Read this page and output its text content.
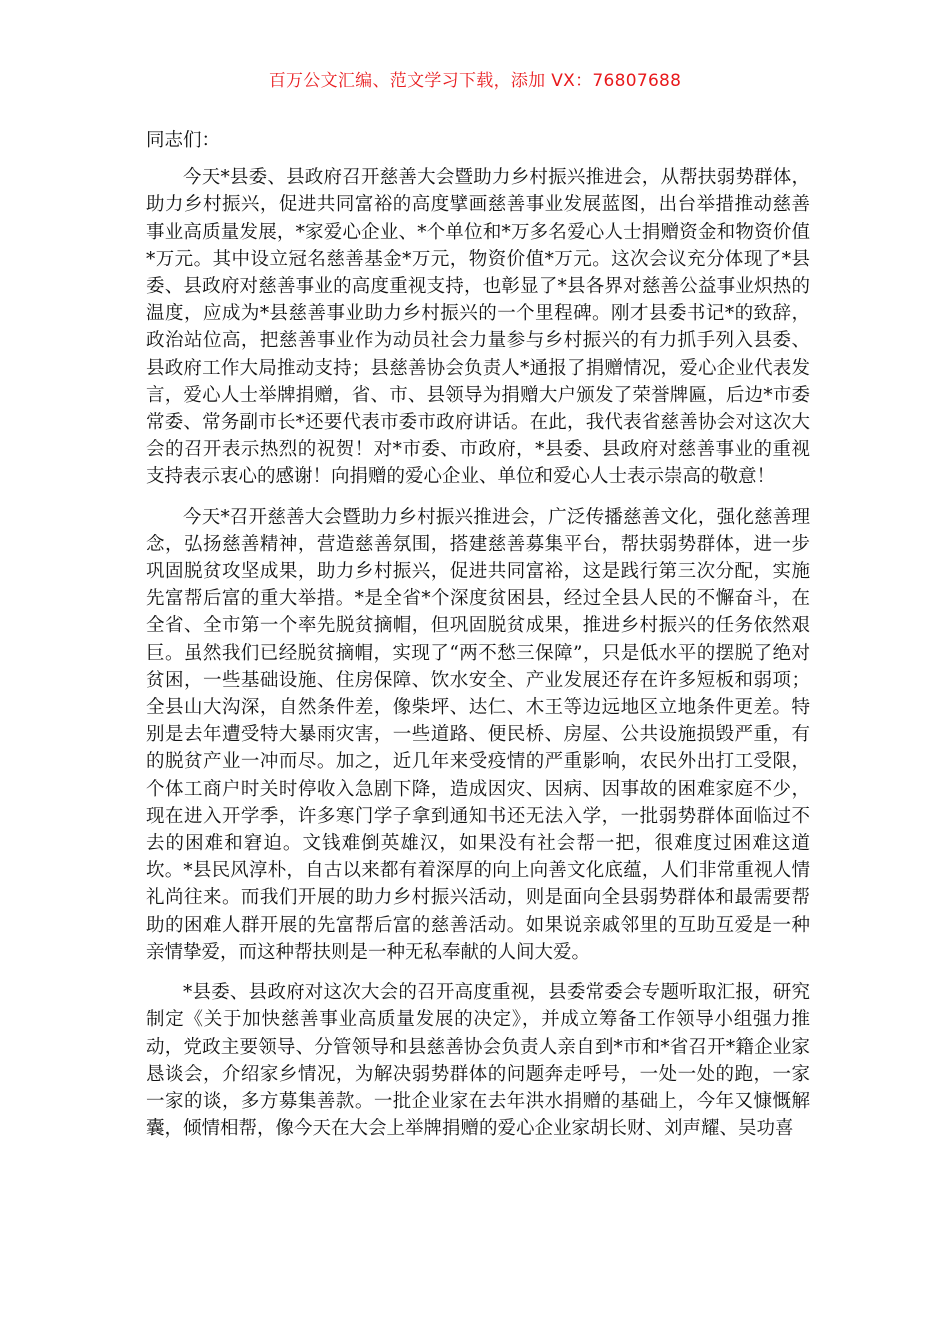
百万公文汇编、范文学习下载，添加 VX：76807688

同志们：

今天*县委、县政府召开慈善大会暨助力乡村振兴推进会，从帮扶弱势群体，助力乡村振兴，促进共同富裕的高度擘画慈善事业发展蓝图，出台举措推动慈善事业高质量发展，*家爱心企业、*个单位和*万多名爱心人士捐赠资金和物资价值*万元。其中设立冠名慈善基金*万元，物资价值*万元。这次会议充分体现了*县委、县政府对慈善事业的高度重视支持，也彰显了*县各界对慈善公益事业炽热的温度，应成为*县慈善事业助力乡村振兴的一个里程碑。刚才县委书记*的致辞，政治站位高，把慈善事业作为动员社会力量参与乡村振兴的有力抓手列入县委、县政府工作大局推动支持；县慈善协会负责人*通报了捐赠情况，爱心企业代表发言，爱心人士举牌捐赠，省、市、县领导为捐赠大户颁发了荣誉牌匾，后边*市委常委、常务副市长*还要代表市委市政府讲话。在此，我代表省慈善协会对这次大会的召开表示热烈的祝贺！对*市委、市政府，*县委、县政府对慈善事业的重视支持表示衷心的感谢！向捐赠的爱心企业、单位和爱心人士表示崇高的敬意！

今天*召开慈善大会暨助力乡村振兴推进会，广泛传播慈善文化，强化慈善理念，弘扬慈善精神，营造慈善氛围，搭建慈善募集平台，帮扶弱势群体，进一步巩固脱贫攻坚成果，助力乡村振兴，促进共同富裕，这是践行第三次分配，实施先富帮后富的重大举措。*是全省*个深度贫困县，经过全县人民的不懈奋斗，在全省、全市第一个率先脱贫摘帽，但巩固脱贫成果，推进乡村振兴的任务依然艰巨。虽然我们已经脱贫摘帽，实现了“两不愁三保障”，只是低水平的摆脱了绝对贫困，一些基础设施、住房保障、饮水安全、产业发展还存在许多短板和弱项；全县山大沟深，自然条件差，像柴坪、达仁、木王等边远地区立地条件更差。特别是去年遭受特大暴雨灾害，一些道路、便民桥、房屋、公共设施损毁严重，有的脱贫产业一冲而尽。加之，近几年来受疫情的严重影响，农民外出打工受限，个体工商户时关时停收入急剧下降，造成因灾、因病、因事故的困难家庭不少，现在进入开学季，许多寒门学子拿到通知书还无法入学，一批弱势群体面临过不去的困难和窘迫。文钱难倒英雄汉，如果没有社会帮一把，很难度过困难这道坎。*县民风淳朴，自古以来都有着深厚的向上向善文化底蕴，人们非常重视人情礼尚往来。而我们开展的助力乡村振兴活动，则是面向全县弱势群体和最需要帮助的困难人群开展的先富帮后富的慈善活动。如果说亲戚邻里的互助互爱是一种亲情挚爱，而这种帮扶则是一种无私奉献的人间大爱。

*县委、县政府对这次大会的召开高度重视，县委常委会专题听取汇报，研究制定《关于加快慈善事业高质量发展的决定》，并成立筹备工作领导小组强力推动，党政主要领导、分管领导和县慈善协会负责人亲自到*市和*省召开*籍企业家恳谈会，介绍家乡情况，为解决弱势群体的问题奔走呼号，一处一处的跑，一家一家的谈，多方募集善款。一批企业家在去年洪水捐赠的基础上，今年又慷慨解囊，倾情相帮，像今天在大会上举牌捐赠的爱心企业家胡长财、刘声耀、吴功喜
